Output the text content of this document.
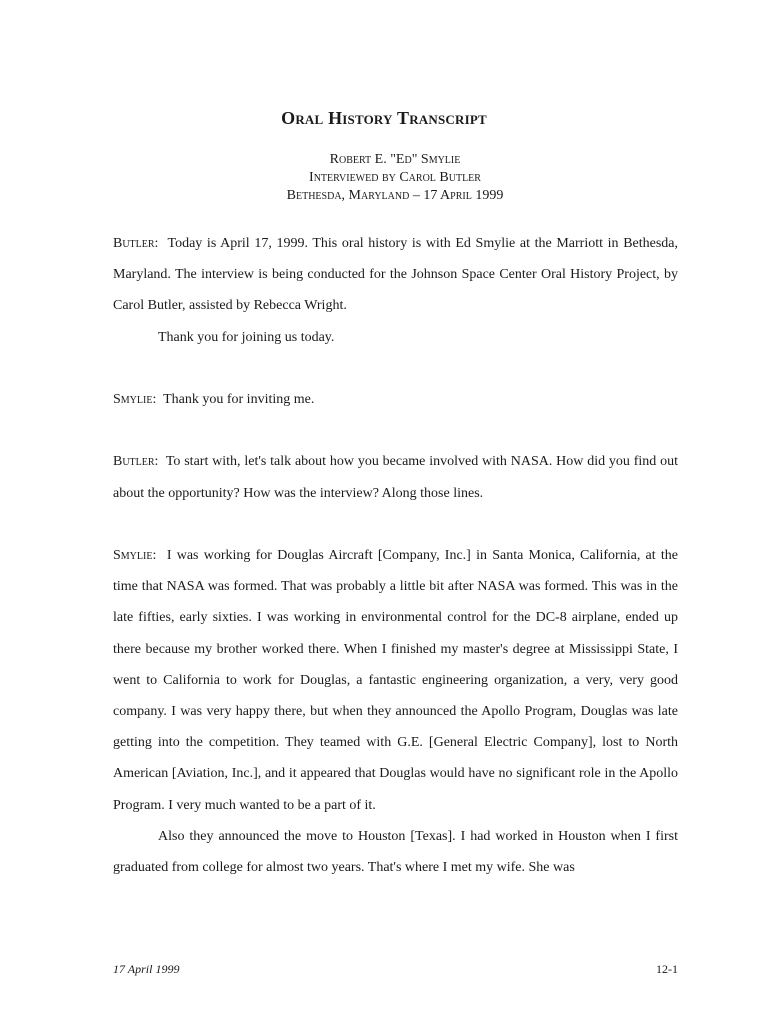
Oral History Transcript
Robert E. "Ed" Smylie
Interviewed by Carol Butler
Bethesda, Maryland – 17 April 1999

Butler: Today is April 17, 1999. This oral history is with Ed Smylie at the Marriott in Bethesda, Maryland. The interview is being conducted for the Johnson Space Center Oral History Project, by Carol Butler, assisted by Rebecca Wright.

Thank you for joining us today.

Smylie: Thank you for inviting me.

Butler: To start with, let's talk about how you became involved with NASA. How did you find out about the opportunity? How was the interview? Along those lines.

Smylie: I was working for Douglas Aircraft [Company, Inc.] in Santa Monica, California, at the time that NASA was formed. That was probably a little bit after NASA was formed. This was in the late fifties, early sixties. I was working in environmental control for the DC-8 airplane, ended up there because my brother worked there. When I finished my master's degree at Mississippi State, I went to California to work for Douglas, a fantastic engineering organization, a very, very good company. I was very happy there, but when they announced the Apollo Program, Douglas was late getting into the competition. They teamed with G.E. [General Electric Company], lost to North American [Aviation, Inc.], and it appeared that Douglas would have no significant role in the Apollo Program. I very much wanted to be a part of it.

Also they announced the move to Houston [Texas]. I had worked in Houston when I first graduated from college for almost two years. That's where I met my wife. She was

17 April 1999	12-1
